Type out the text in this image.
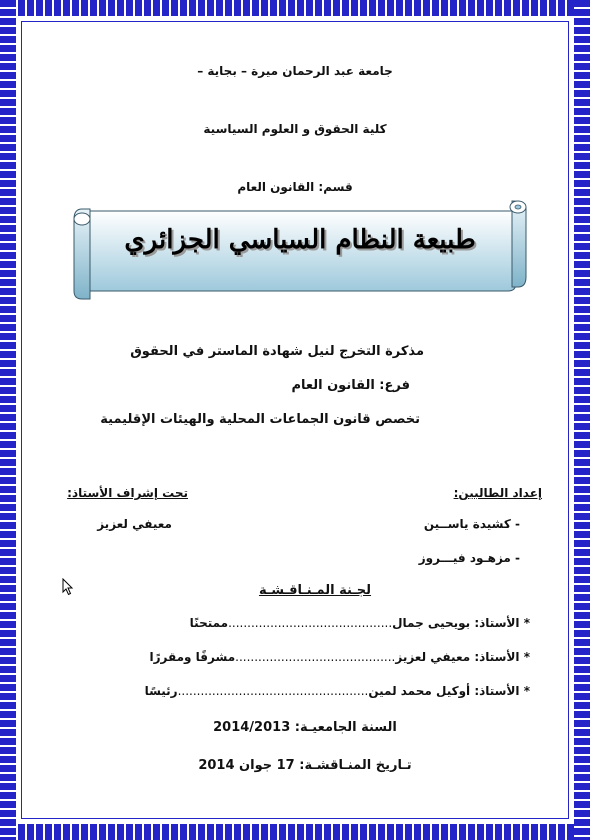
جامعة عبد الرحمان ميرة – بجاية –
كلية الحقوق و العلوم السياسية
قسم: القانون العام
طبيعة النظام السياسي الجزائري
مذكرة التخرج لنيل شهادة الماستر في الحقوق
فرع: القانون العام
تخصص قانون الجماعات المحلية والهيئات الإقليمية
إعداد الطالبين:
تحت إشراف الأستاذ:
- كشيدة ياســين
معيفي لعزيز
- مزهـود فيـــروز
لجـنة المـنـاقـشـة
* الأستاذ: بويحيى جمال...........................................ممتحنًا
* الأستاذ: معيفي لعزيز..........................................مشرفًا ومقررًا
* الأستاذ: أوكيل محمد لمين..................................................رئيسًا
السنة الجامعيـة: 2014/2013
تـاريخ المنـاقشـة: 17 جوان 2014
